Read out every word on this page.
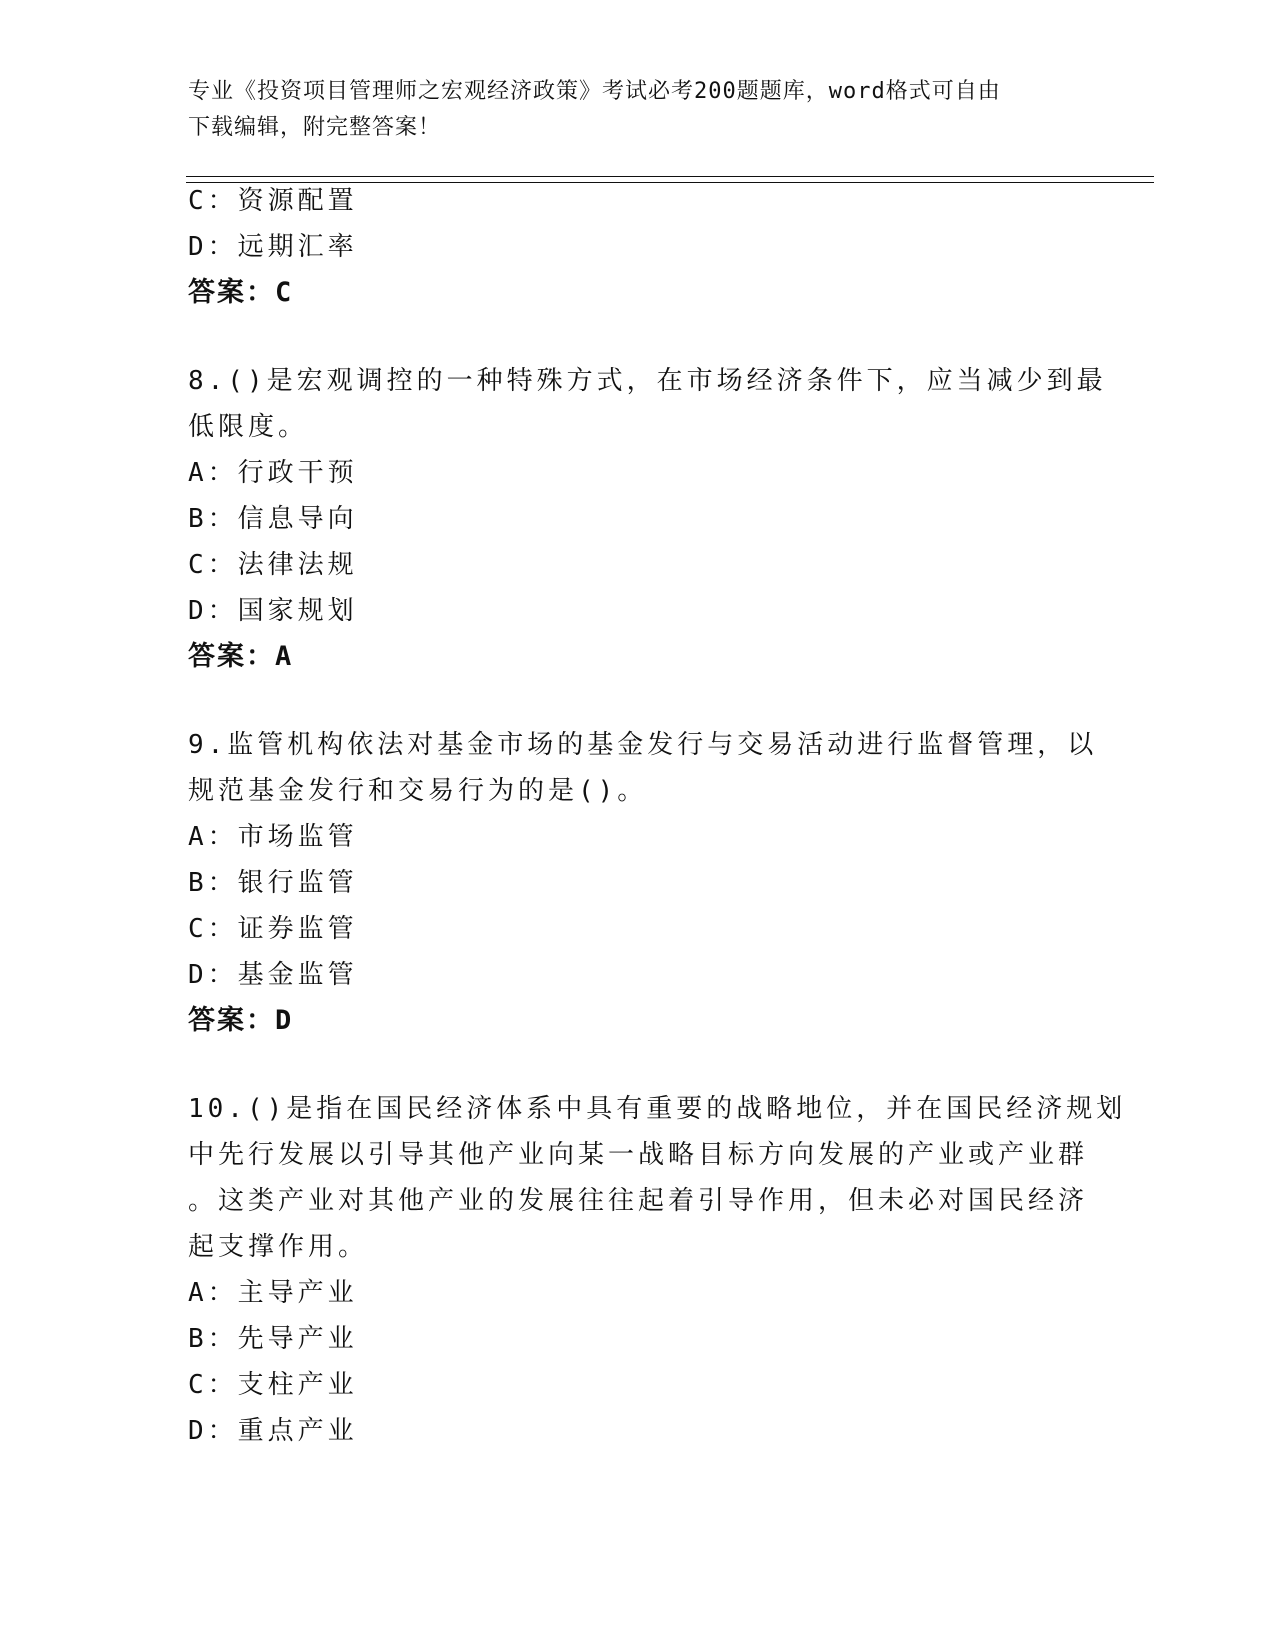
专业《投资项目管理师之宏观经济政策》考试必考200题题库，word格式可自由
下载编辑，附完整答案！
C：资源配置
D：远期汇率
答案：C
8.()是宏观调控的一种特殊方式，在市场经济条件下，应当减少到最
低限度。
A：行政干预
B：信息导向
C：法律法规
D：国家规划
答案：A
9.监管机构依法对基金市场的基金发行与交易活动进行监督管理，以
规范基金发行和交易行为的是()。
A：市场监管
B：银行监管
C：证券监管
D：基金监管
答案：D
10.()是指在国民经济体系中具有重要的战略地位，并在国民经济规划
中先行发展以引导其他产业向某一战略目标方向发展的产业或产业群
。这类产业对其他产业的发展往往起着引导作用，但未必对国民经济
起支撑作用。
A：主导产业
B：先导产业
C：支柱产业
D：重点产业
